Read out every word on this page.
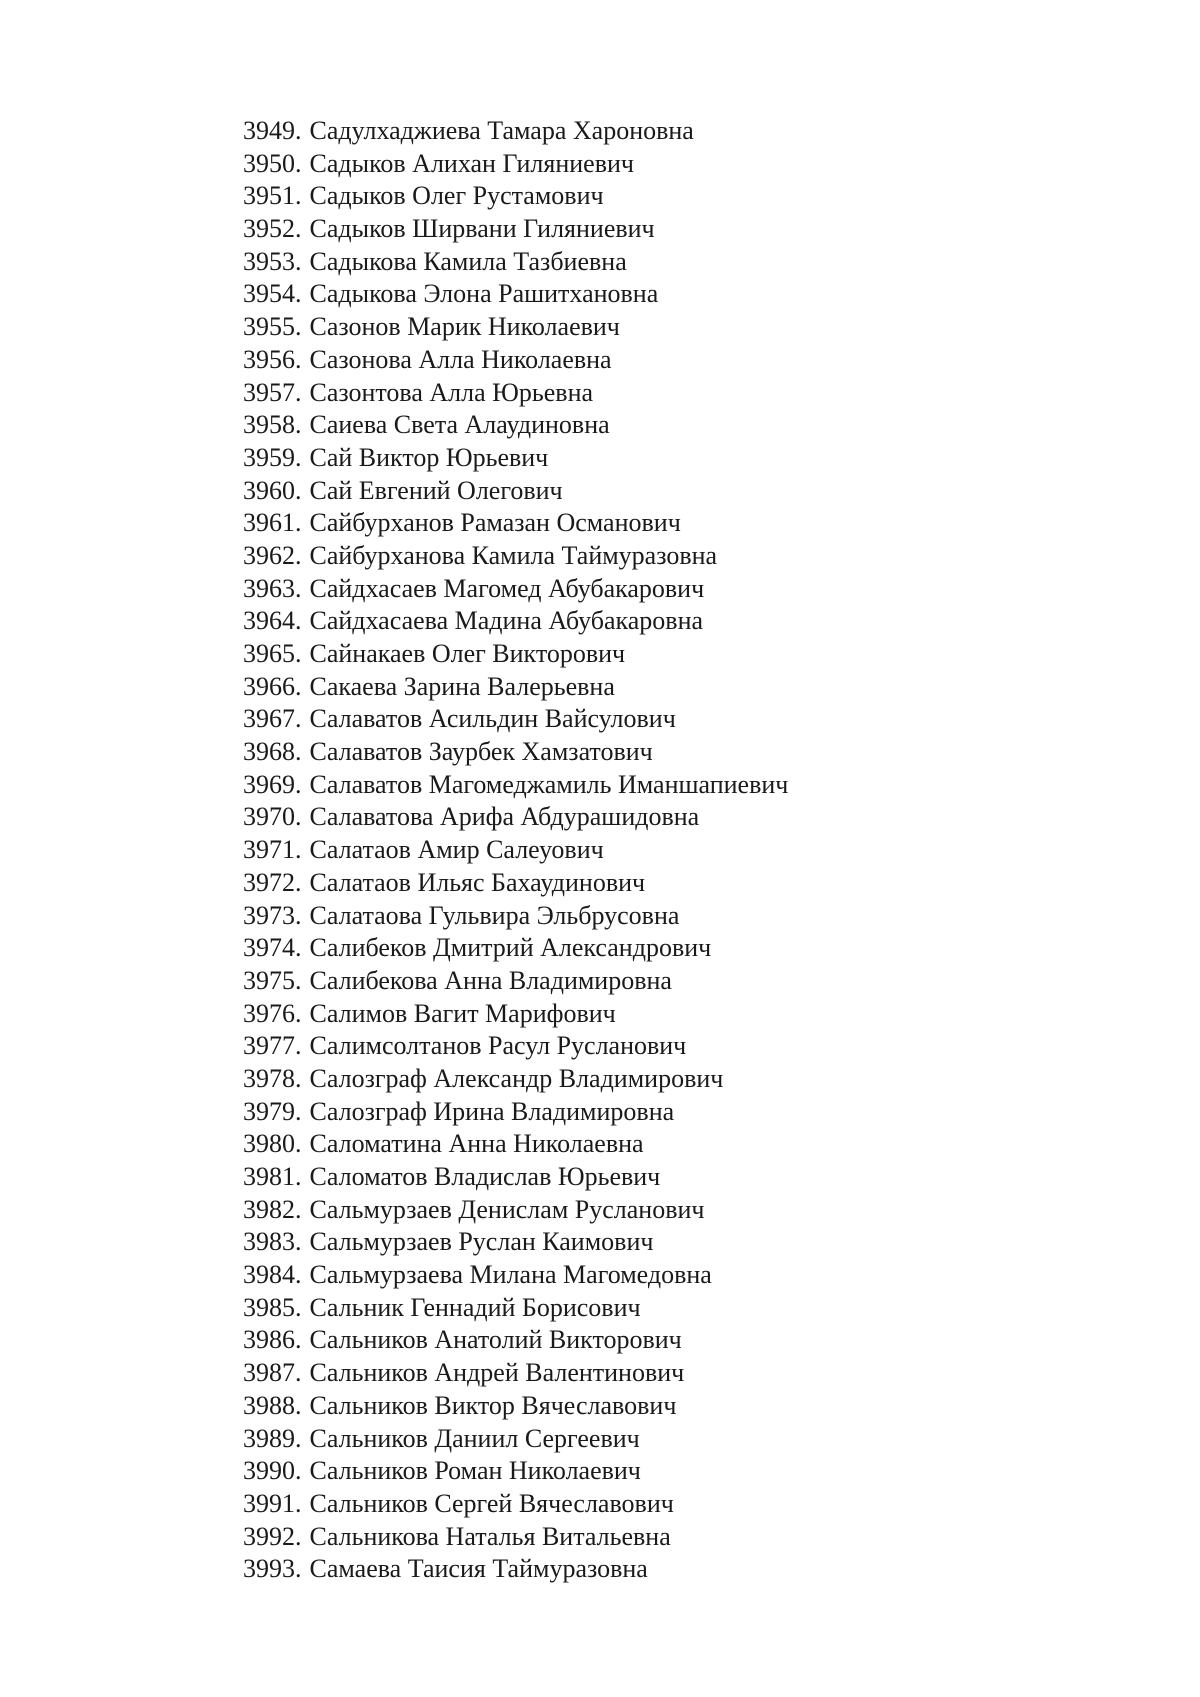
3949. Садулхаджиева Тамара Хароновна
3950. Садыков Алихан Гиляниевич
3951. Садыков Олег Рустамович
3952. Садыков Ширвани Гиляниевич
3953. Садыкова Камила Тазбиевна
3954. Садыкова Элона Рашитхановна
3955. Сазонов Марик Николаевич
3956. Сазонова Алла Николаевна
3957. Сазонтова Алла Юрьевна
3958. Саиева Света Алаудиновна
3959. Сай Виктор Юрьевич
3960. Сай Евгений Олегович
3961. Сайбурханов Рамазан Османович
3962. Сайбурханова Камила Таймуразовна
3963. Сайдхасаев Магомед Абубакарович
3964. Сайдхасаева Мадина Абубакаровна
3965. Сайнакаев Олег Викторович
3966. Сакаева Зарина Валерьевна
3967. Салаватов Асильдин Вайсулович
3968. Салаватов Заурбек Хамзатович
3969. Салаватов Магомеджамиль Иманшапиевич
3970. Салаватова Арифа Абдурашидовна
3971. Салатаов Амир Салеуович
3972. Салатаов Ильяс Бахаудинович
3973. Салатаова Гульвира Эльбрусовна
3974. Салибеков Дмитрий Александрович
3975. Салибекова Анна Владимировна
3976. Салимов Вагит Марифович
3977. Салимсолтанов Расул Русланович
3978. Салозграф Александр Владимирович
3979. Салозграф Ирина Владимировна
3980. Саломатина Анна Николаевна
3981. Саломатов Владислав Юрьевич
3982. Сальмурзаев Денислам Русланович
3983. Сальмурзаев Руслан Каимович
3984. Сальмурзаева Милана Магомедовна
3985. Сальник Геннадий Борисович
3986. Сальников Анатолий Викторович
3987. Сальников Андрей Валентинович
3988. Сальников Виктор Вячеславович
3989. Сальников Даниил Сергеевич
3990. Сальников Роман Николаевич
3991. Сальников Сергей Вячеславович
3992. Сальникова Наталья Витальевна
3993. Самаева Таисия Таймуразовна
